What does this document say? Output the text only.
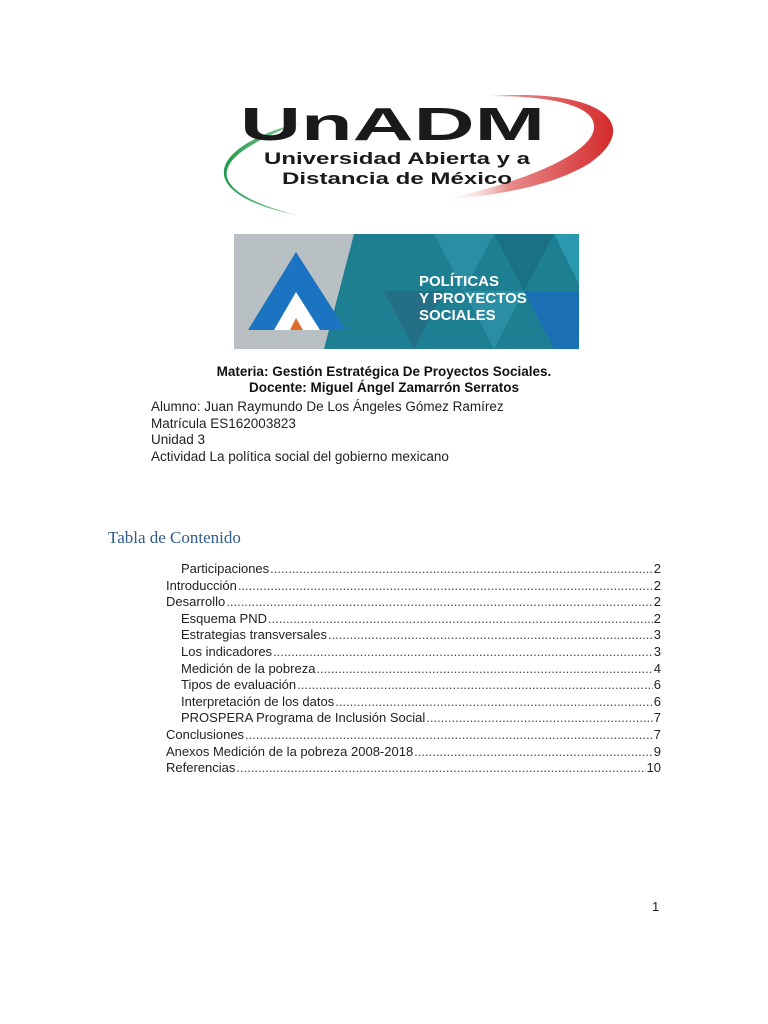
UnADM
Universidad Abierta y a
Distancia de México
POLÍTICAS
Y PROYECTOS
SOCIALES
Materia: Gestión Estratégica De Proyectos Sociales.
Docente: Miguel Ángel Zamarrón Serratos
Alumno: Juan Raymundo De Los Ángeles Gómez Ramírez
Matrícula ES162003823
Unidad 3
Actividad La política social del gobierno mexicano
Tabla de Contenido
Participaciones .....	2
Introducción .....	2
Desarrollo .....	2
Esquema PND .....	2
Estrategias transversales .....	3
Los indicadores .....	3
Medición de la pobreza .....	4
Tipos de evaluación .....	6
Interpretación de los datos .....	6
PROSPERA Programa de Inclusión Social .....	7
Conclusiones .....	7
Anexos Medición de la pobreza 2008-2018 .....	9
Referencias .....	10
1
